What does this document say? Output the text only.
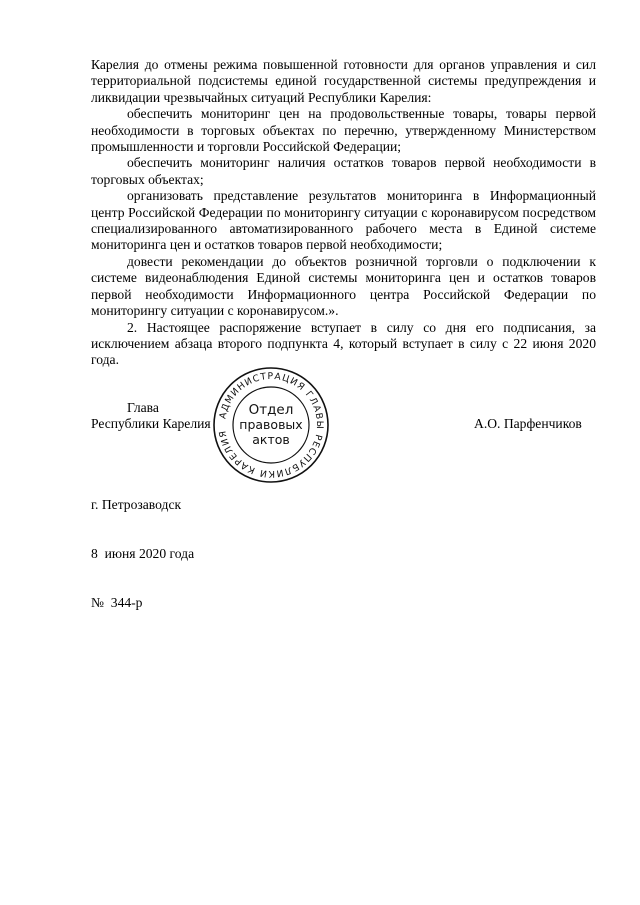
Карелия до отмены режима повышенной готовности для органов управления и сил территориальной подсистемы единой государственной системы предупреждения и ликвидации чрезвычайных ситуаций Республики Карелия:

обеспечить мониторинг цен на продовольственные товары, товары первой необходимости в торговых объектах по перечню, утвержденному Министерством промышленности и торговли Российской Федерации;

обеспечить мониторинг наличия остатков товаров первой необходимости в торговых объектах;

организовать представление результатов мониторинга в Информационный центр Российской Федерации по мониторингу ситуации с коронавирусом посредством специализированного автоматизированного рабочего места в Единой системе мониторинга цен и остатков товаров первой необходимости;

довести рекомендации до объектов розничной торговли о подключении к системе видеонаблюдения Единой системы мониторинга цен и остатков товаров первой необходимости Информационного центра Российской Федерации по мониторингу ситуации с коронавирусом.».

2. Настоящее распоряжение вступает в силу со дня его подписания, за исключением абзаца второго подпункта 4, который вступает в силу с 22 июня 2020 года.

Глава
Республики Карелия
АДМИНИСТРАЦИЯ ГЛАВЫ РЕСПУБЛИКИ КАРЕЛИЯ
Отдел
правовых
актов
А.О. Парфенчиков

г. Петрозаводск

8  июня 2020 года

№  344-р
